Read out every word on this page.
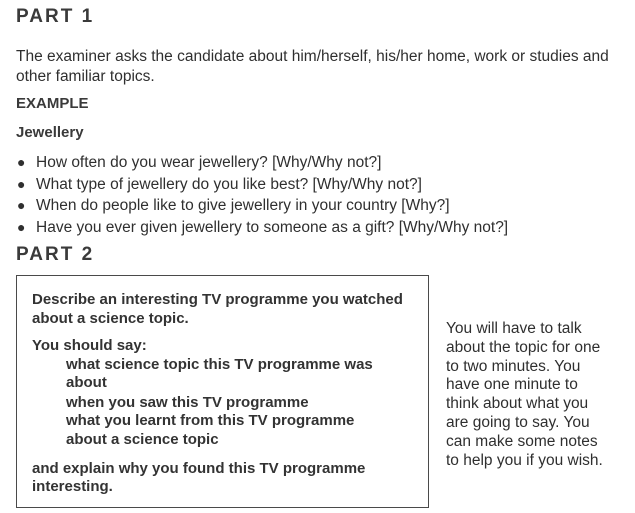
PART 1
The examiner asks the candidate about him/herself, his/her home, work or studies and other familiar topics.
EXAMPLE
Jewellery
● How often do you wear jewellery? [Why/Why not?]
● What type of jewellery do you like best? [Why/Why not?]
● When do people like to give jewellery in your country [Why?]
● Have you ever given jewellery to someone as a gift? [Why/Why not?]
PART 2
Describe an interesting TV programme you watched
about a science topic.
You should say:
what science topic this TV programme was
about
when you saw this TV programme
what you learnt from this TV programme
about a science topic
and explain why you found this TV programme
interesting.
You will have to talk
about the topic for one
to two minutes. You
have one minute to
think about what you
are going to say. You
can make some notes
to help you if you wish.
